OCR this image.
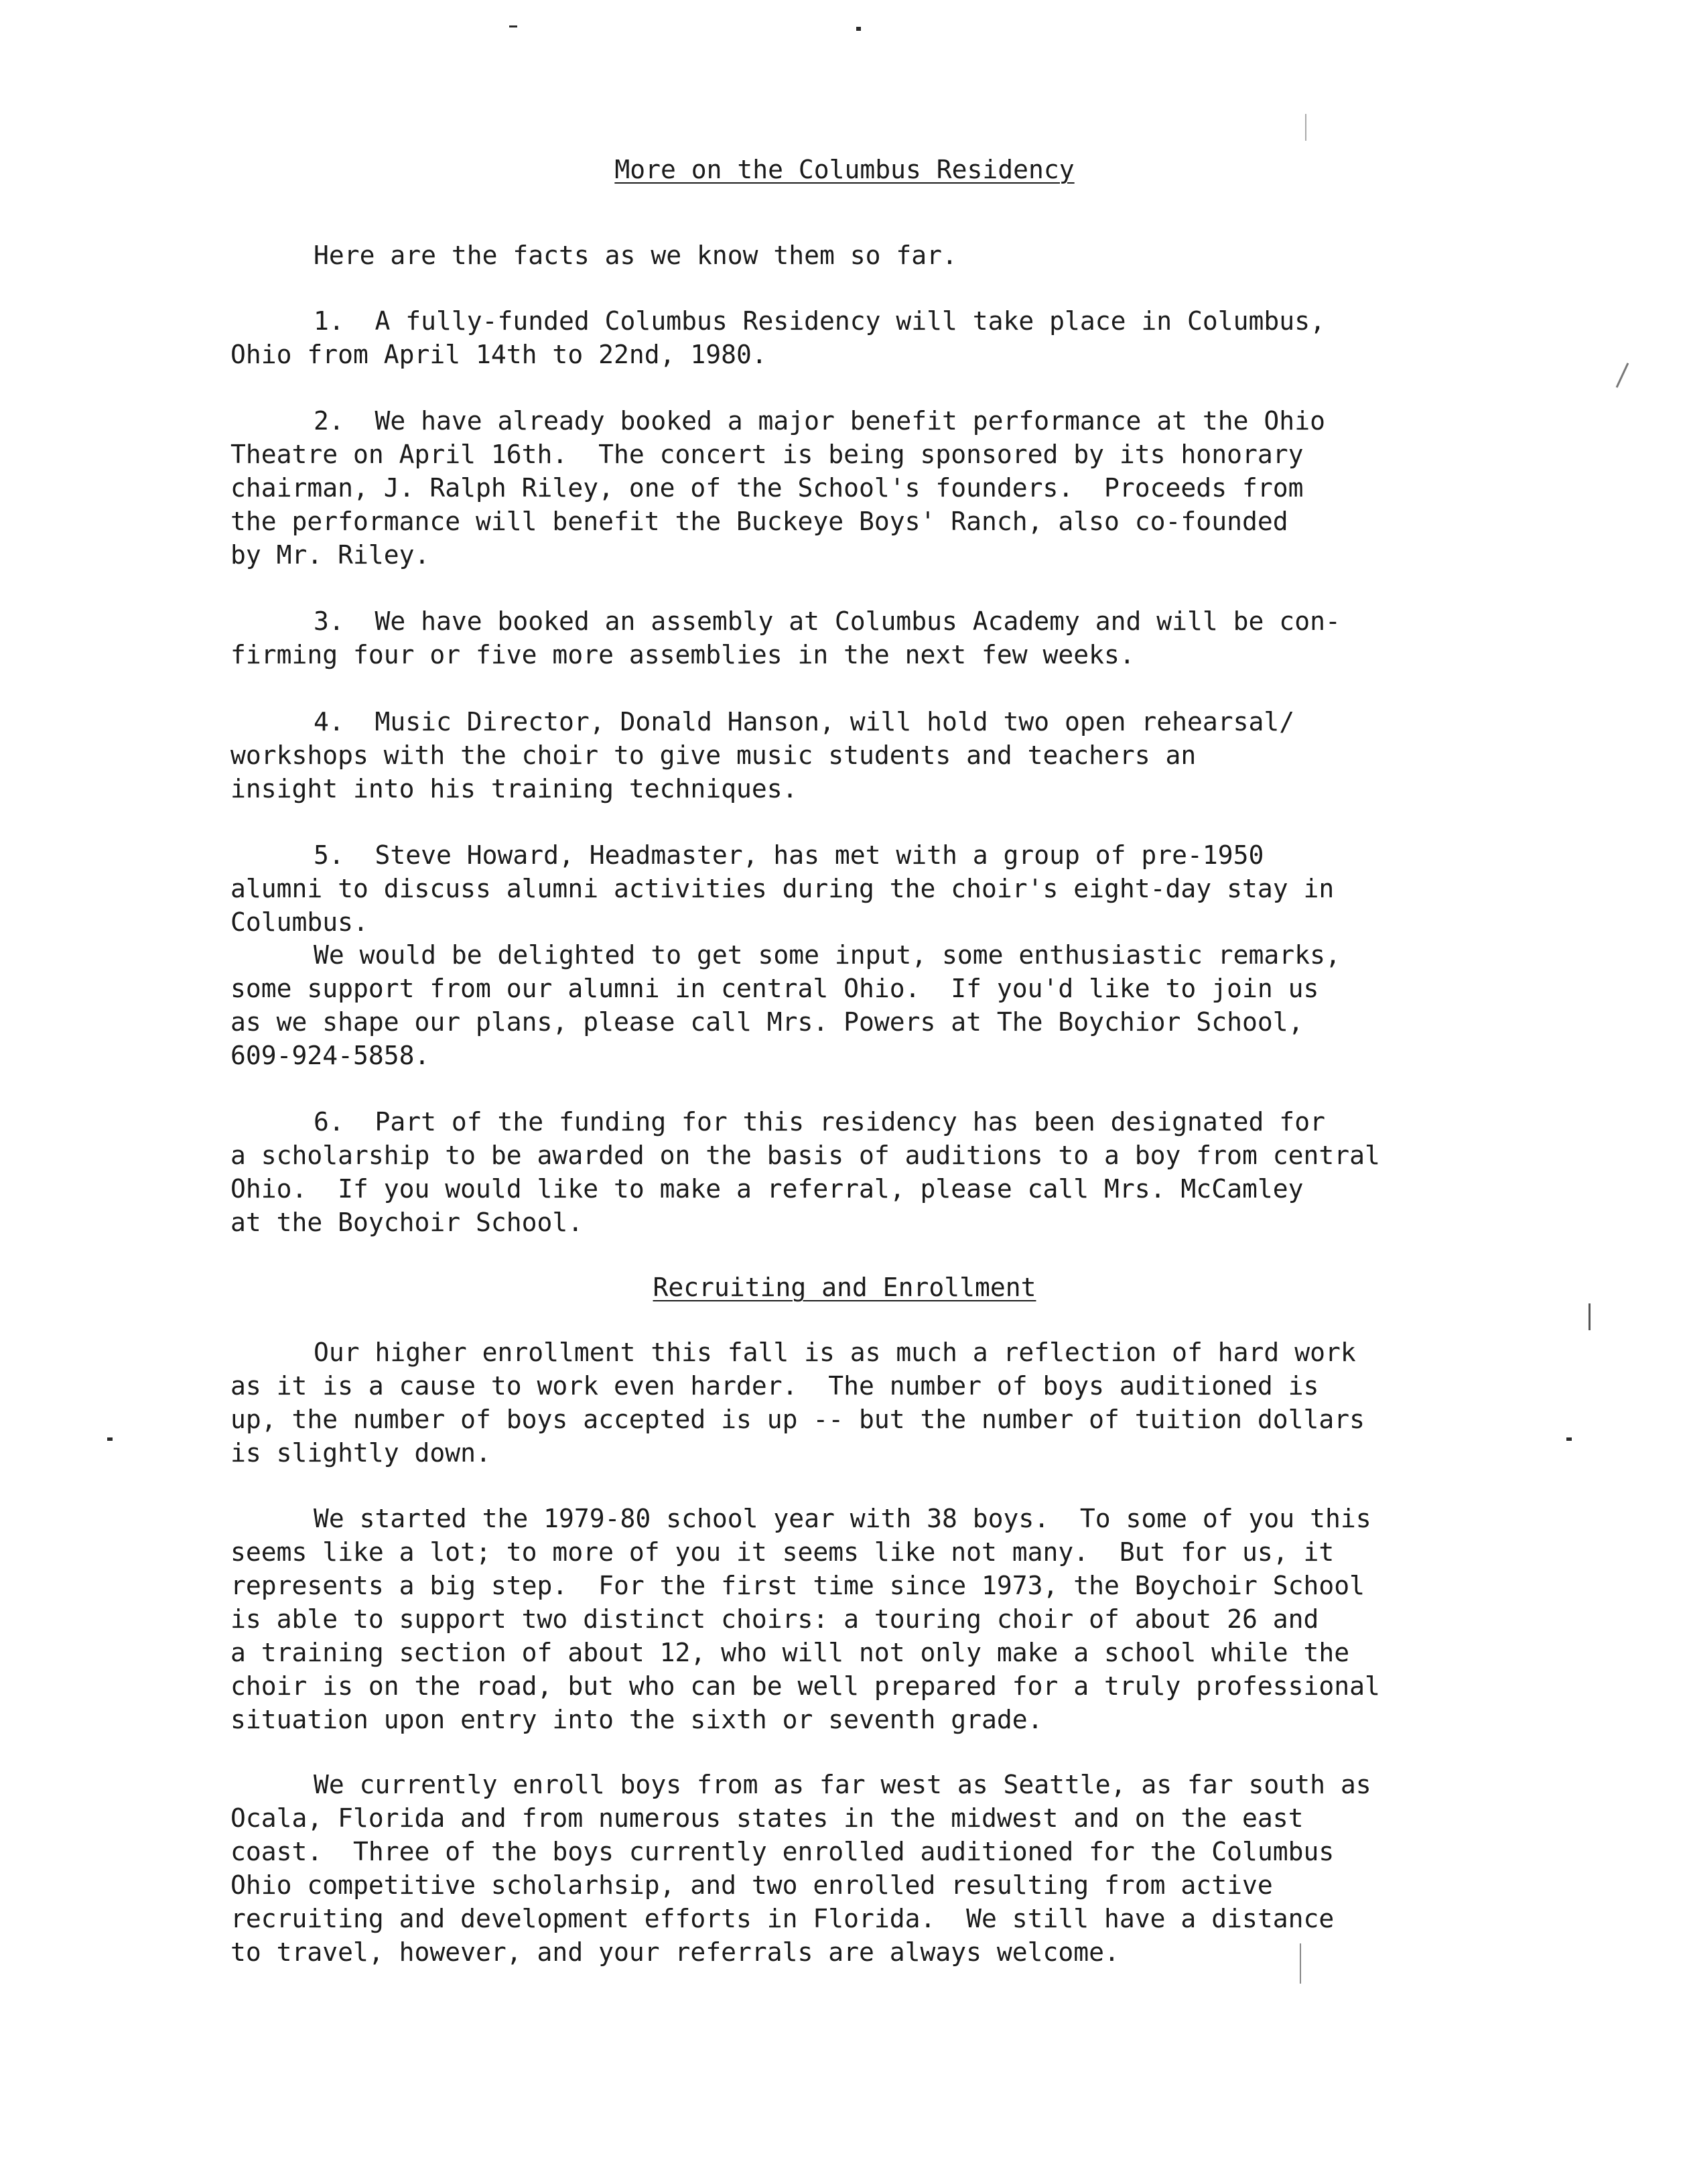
More on the Columbus Residency

Here are the facts as we know them so far.

1.  A fully-funded Columbus Residency will take place in Columbus,

Ohio from April 14th to 22nd, 1980.

2.  We have already booked a major benefit performance at the Ohio

Theatre on April 16th.  The concert is being sponsored by its honorary

chairman, J. Ralph Riley, one of the School's founders.  Proceeds from

the performance will benefit the Buckeye Boys' Ranch, also co-founded

by Mr. Riley.

3.  We have booked an assembly at Columbus Academy and will be con-

firming four or five more assemblies in the next few weeks.

4.  Music Director, Donald Hanson, will hold two open rehearsal/

workshops with the choir to give music students and teachers an

insight into his training techniques.

5.  Steve Howard, Headmaster, has met with a group of pre-1950

alumni to discuss alumni activities during the choir's eight-day stay in

Columbus.

We would be delighted to get some input, some enthusiastic remarks,

some support from our alumni in central Ohio.  If you'd like to join us

as we shape our plans, please call Mrs. Powers at The Boychior School,

609-924-5858.

6.  Part of the funding for this residency has been designated for

a scholarship to be awarded on the basis of auditions to a boy from central

Ohio.  If you would like to make a referral, please call Mrs. McCamley

at the Boychoir School.

Recruiting and Enrollment

Our higher enrollment this fall is as much a reflection of hard work

as it is a cause to work even harder.  The number of boys auditioned is

up, the number of boys accepted is up -- but the number of tuition dollars

is slightly down.

We started the 1979-80 school year with 38 boys.  To some of you this

seems like a lot; to more of you it seems like not many.  But for us, it

represents a big step.  For the first time since 1973, the Boychoir School

is able to support two distinct choirs: a touring choir of about 26 and

a training section of about 12, who will not only make a school while the

choir is on the road, but who can be well prepared for a truly professional

situation upon entry into the sixth or seventh grade.

We currently enroll boys from as far west as Seattle, as far south as

Ocala, Florida and from numerous states in the midwest and on the east

coast.  Three of the boys currently enrolled auditioned for the Columbus

Ohio competitive scholarhsip, and two enrolled resulting from active

recruiting and development efforts in Florida.  We still have a distance

to travel, however, and your referrals are always welcome.
